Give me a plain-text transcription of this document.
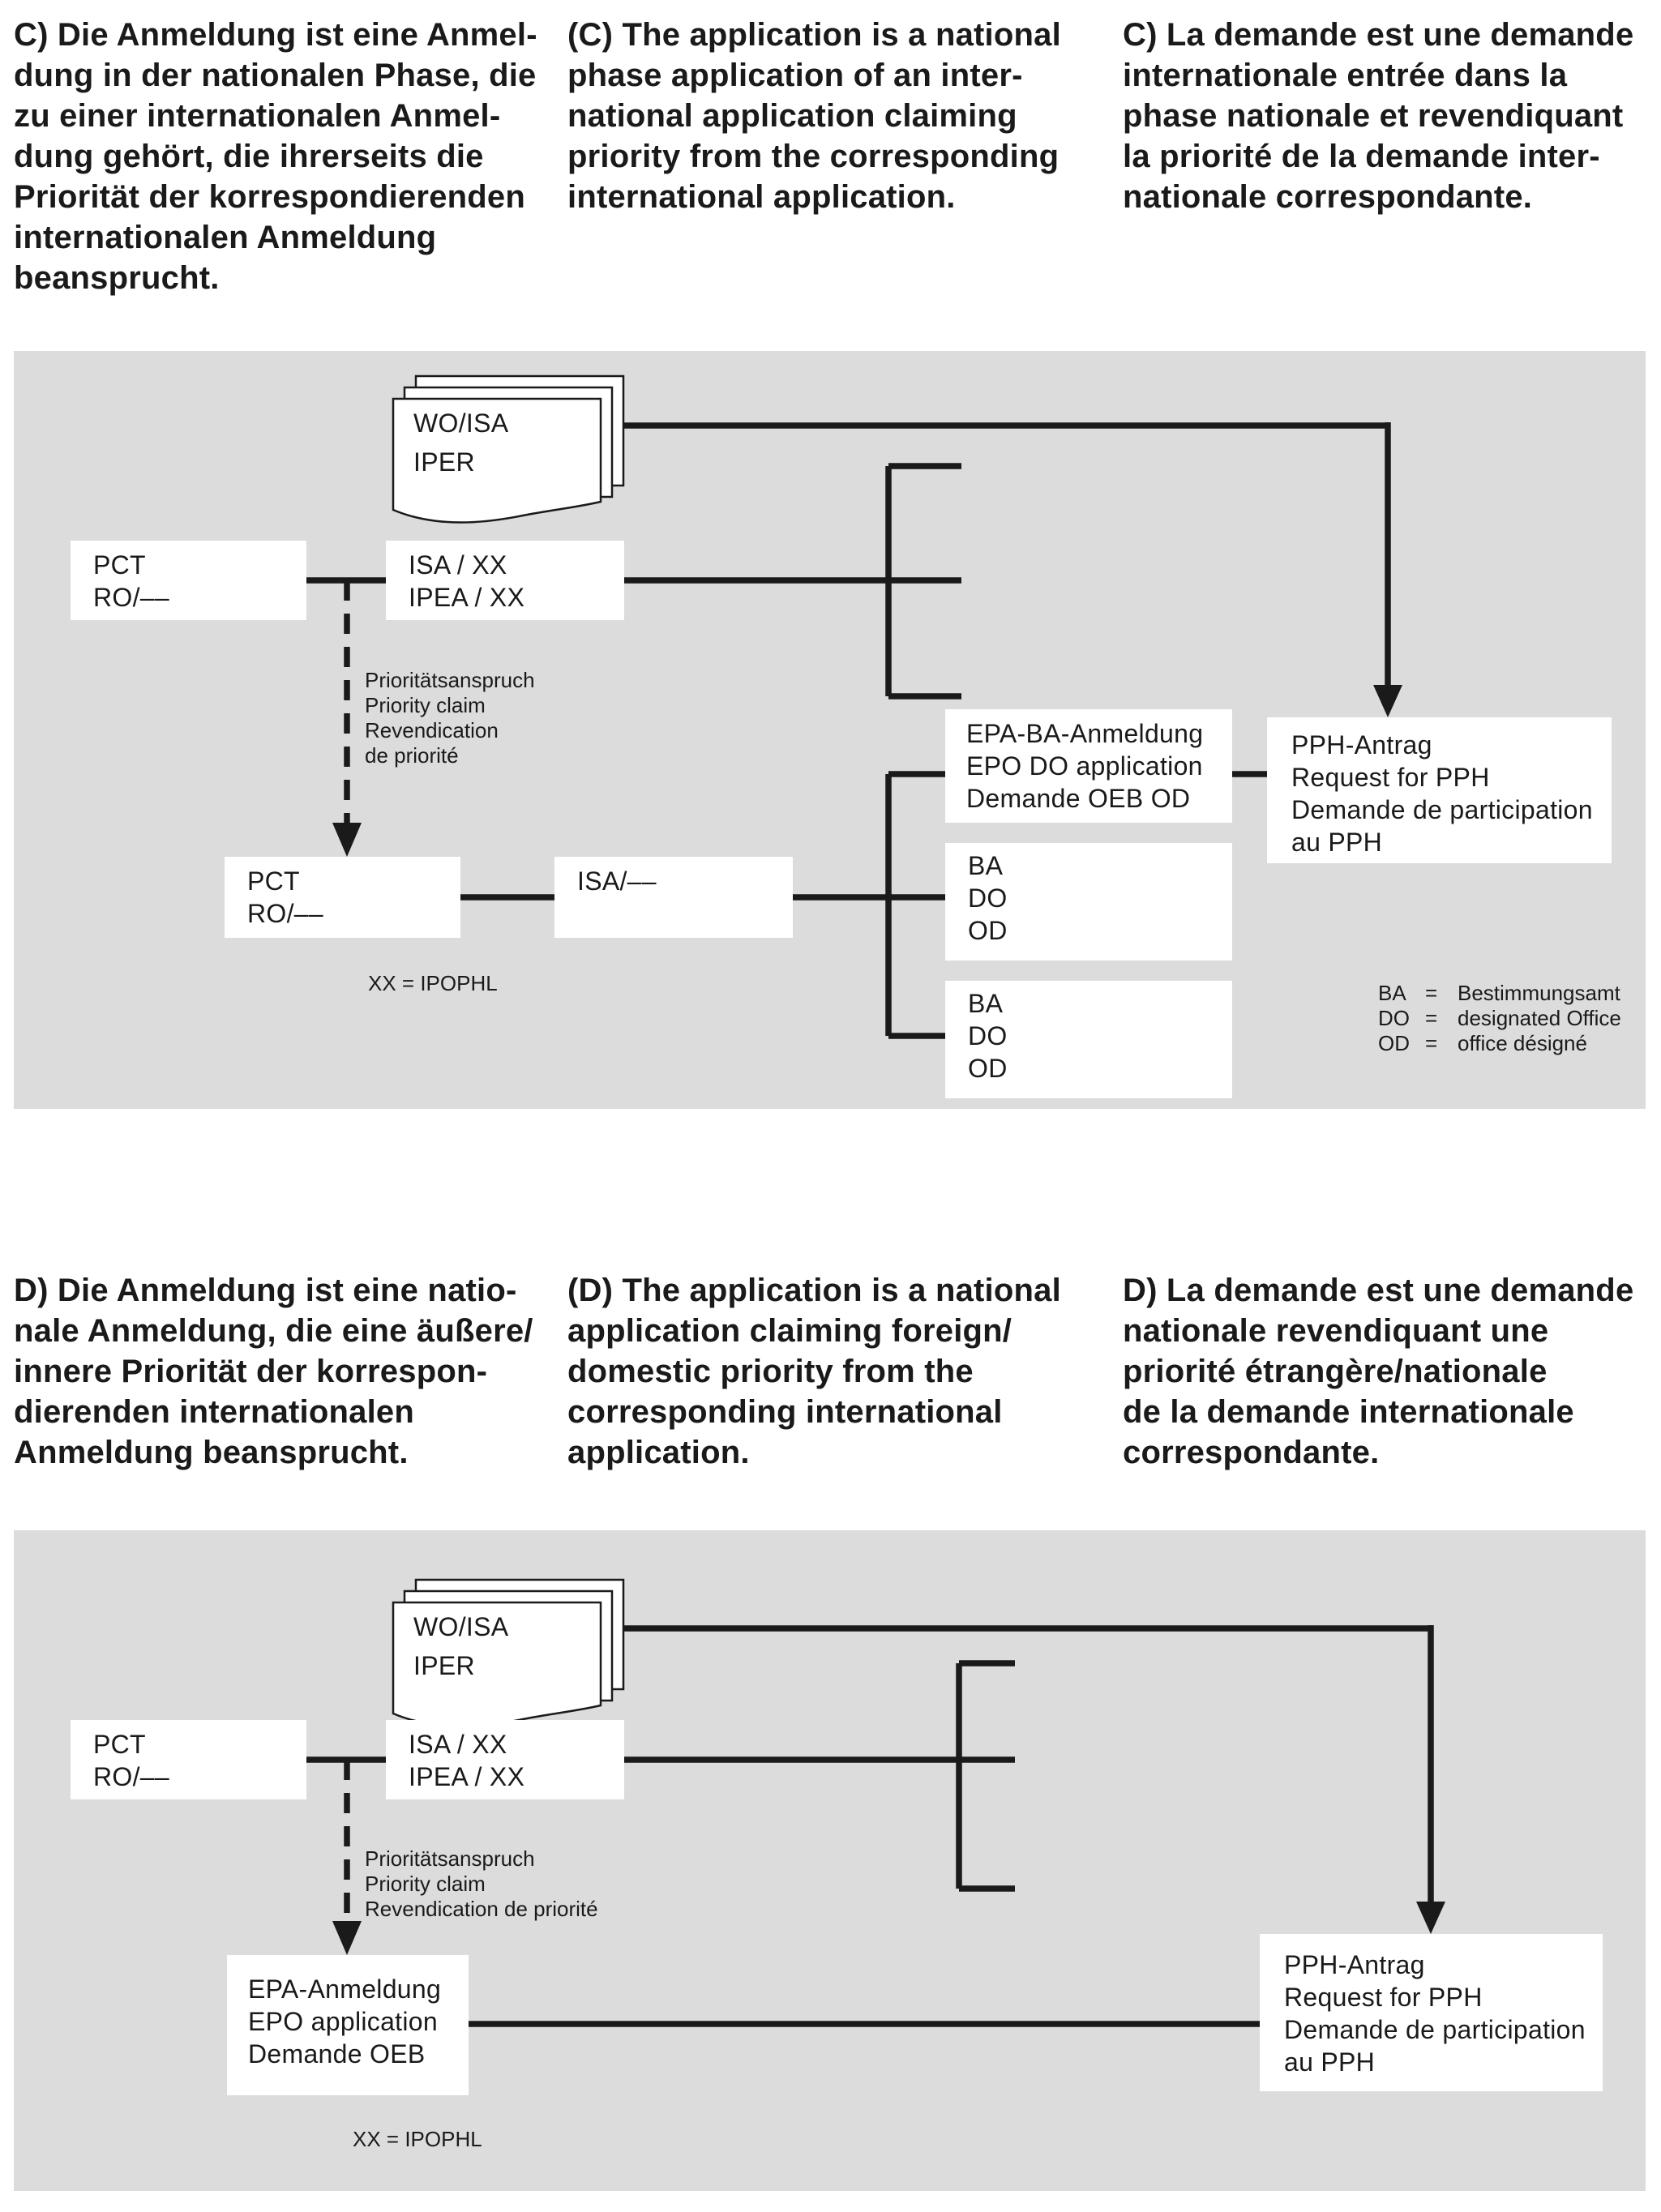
C) Die Anmeldung ist eine Anmel-
dung in der nationalen Phase, die
zu einer internationalen Anmel-
dung gehört, die ihrerseits die
Priorität der korrespondierenden
internationalen Anmeldung
beansprucht.
(C) The application is a national
phase application of an inter-
national application claiming
priority from the corresponding
international application.
C) La demande est une demande
internationale entrée dans la
phase nationale et revendiquant
la priorité de la demande inter-
nationale correspondante.
WO/ISA
IPER
PCT
RO/––
ISA / XX
IPEA / XX
Prioritätsanspruch
Priority claim
Revendication
de priorité
PCT
RO/––
ISA/––
EPA-BA-Anmeldung
EPO DO application
Demande OEB OD
PPH-Antrag
Request for PPH
Demande de participation
au PPH
BA
DO
OD
BA
DO
OD
XX = IPOPHL	BA = Bestimmungsamt
DO = designated Office
OD = office désigné
D) Die Anmeldung ist eine natio-
nale Anmeldung, die eine äußere/
innere Priorität der korrespon-
dierenden internationalen
Anmeldung beansprucht.
(D) The application is a national
application claiming foreign/
domestic priority from the
corresponding international
application.
D) La demande est une demande
nationale revendiquant une
priorité étrangère/nationale
de la demande internationale
correspondante.
WO/ISA
IPER
PCT
RO/––
ISA / XX
IPEA / XX
Prioritätsanspruch
Priority claim
Revendication de priorité
EPA-Anmeldung
EPO application
Demande OEB
PPH-Antrag
Request for PPH
Demande de participation
au PPH
XX = IPOPHL
